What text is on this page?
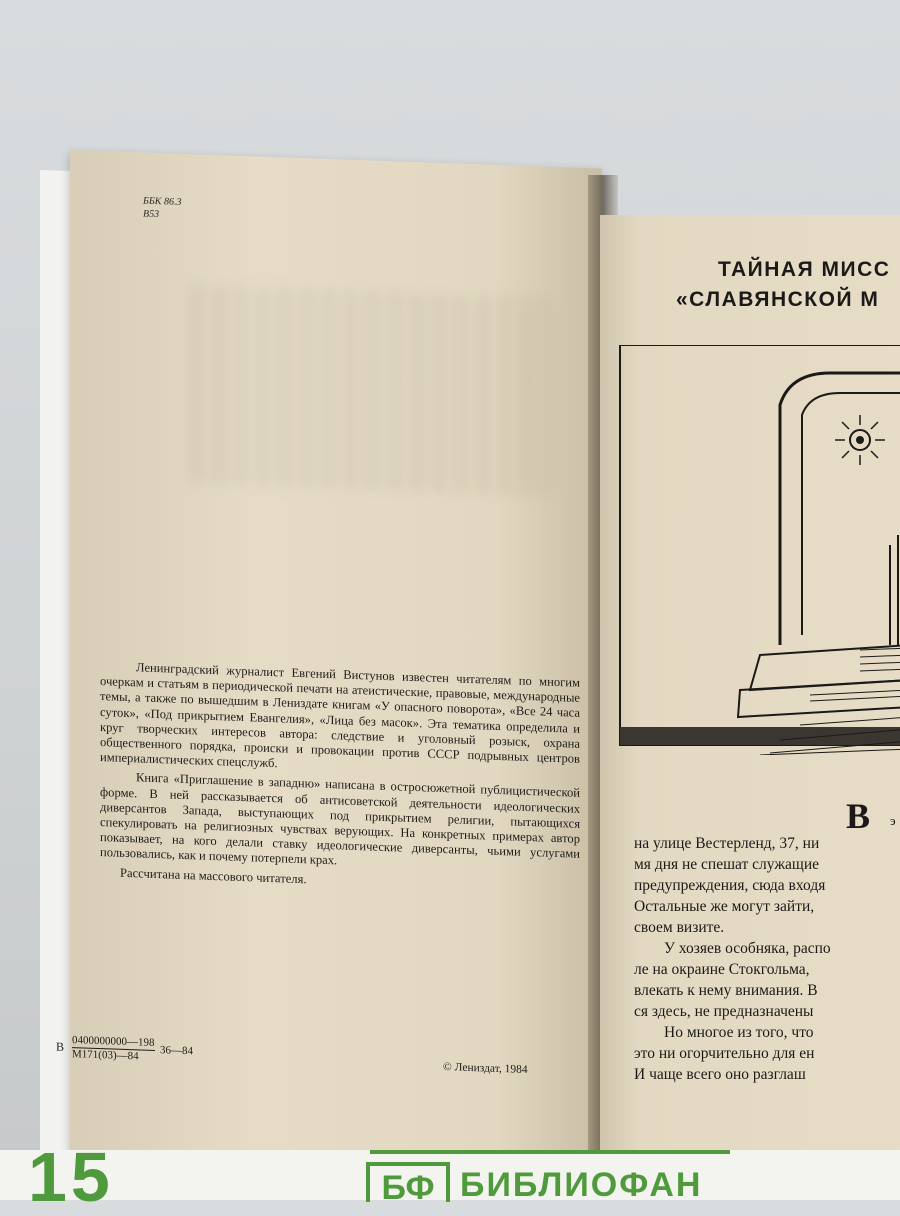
ББК 86.3
В53

Ленинградский журналист Евгений Вистунов известен читателям по многим очеркам и статьям в периодической печати на атеистические, правовые, международные темы, а также по вышедшим в Лениздате книгам «У опасного поворота», «Все 24 часа суток», «Под прикрытием Евангелия», «Лица без масок». Эта тематика определила и круг творческих интересов автора: следствие и уголовный розыск, охрана общественного порядка, происки и провокации против СССР подрывных центров империалистических спецслужб.

Книга «Приглашение в западню» написана в остросюжетной публицистической форме. В ней рассказывается об антисоветской деятельности идеологических диверсантов Запада, выступающих под прикрытием религии, пытающихся спекулировать на религиозных чувствах верующих. На конкретных примерах автор показывает, на кого делали ставку идеологические диверсанты, чьими услугами пользовались, как и почему потерпели крах.

Рассчитана на массового читателя.

В 0400000000—198
М171(03)—84 36—84
© Лениздат, 1984
ТАЙНАЯ МИСС
«СЛАВЯНСКОЙ М
В э
на улице Вестерленд, 37, ни
мя дня не спешат служащие
предупреждения, сюда входя
Остальные же могут зайти,
своем визите.
У хозяев особняка, распо
ле на окраине Стокгольма,
влекать к нему внимания. В
ся здесь, не предназначены
Но многое из того, что
это ни огорчительно для ен
И чаще всего оно разглаш
15	БФ БИБЛИОФАН
